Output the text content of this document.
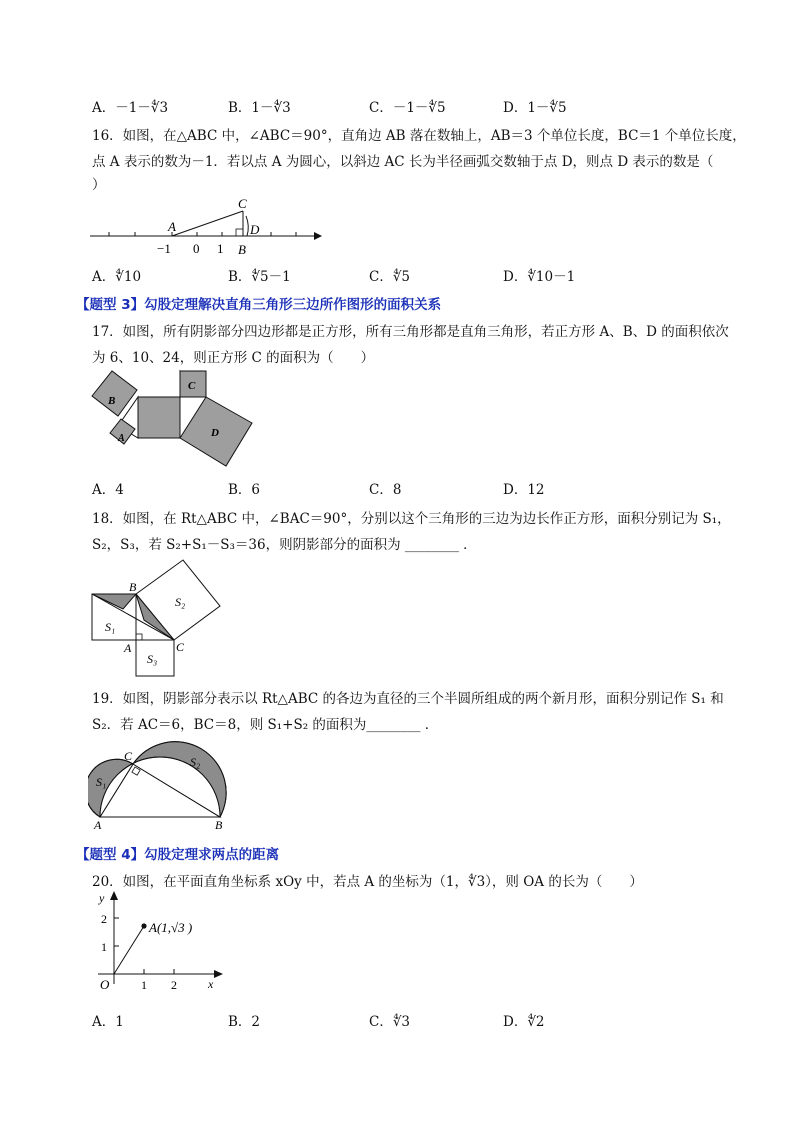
A．－1－∜3	B．1－∜3	C．－1－∜5	D．1－∜5
16．如图，在△ABC 中，∠ABC＝90°，直角边 AB 落在数轴上，AB＝3 个单位长度，BC＝1 个单位长度，
点 A 表示的数为－1．若以点 A 为圆心，以斜边 AC 长为半径画弧交数轴于点 D，则点 D 表示的数是（
）
A
C
D
−1 0 1 B
A．∜10	B．∜5－1	C．∜5	D．∜10－1
【题型 3】勾股定理解决直角三角形三边所作图形的面积关系
17．如图，所有阴影部分四边形都是正方形，所有三角形都是直角三角形，若正方形 A、B、D 的面积依次
为 6、10、24，则正方形 C 的面积为（　　）
B
A
C
D
A．4	B．6	C．8	D．12
18．如图，在 Rt△ABC 中，∠BAC＝90°，分别以这个三角形的三边为边长作正方形，面积分别记为 S₁，
S₂，S₃，若 S₂+S₁－S₃＝36，则阴影部分的面积为 ________ ．
B
A	C
S₁
S₂
S₃
19．如图，阴影部分表示以 Rt△ABC 的各边为直径的三个半圆所组成的两个新月形，面积分别记作 S₁ 和
S₂．若 AC＝6，BC＝8，则 S₁+S₂ 的面积为________ ．
C
A	B
S₁
S₂
【题型 4】勾股定理求两点的距离
20．如图，在平面直角坐标系 xOy 中，若点 A 的坐标为（1，∜3），则 OA 的长为（　　）
A(1,√3 )
y
2
1
O	1 2	x
A．1	B．2	C．∜3	D．∜2
